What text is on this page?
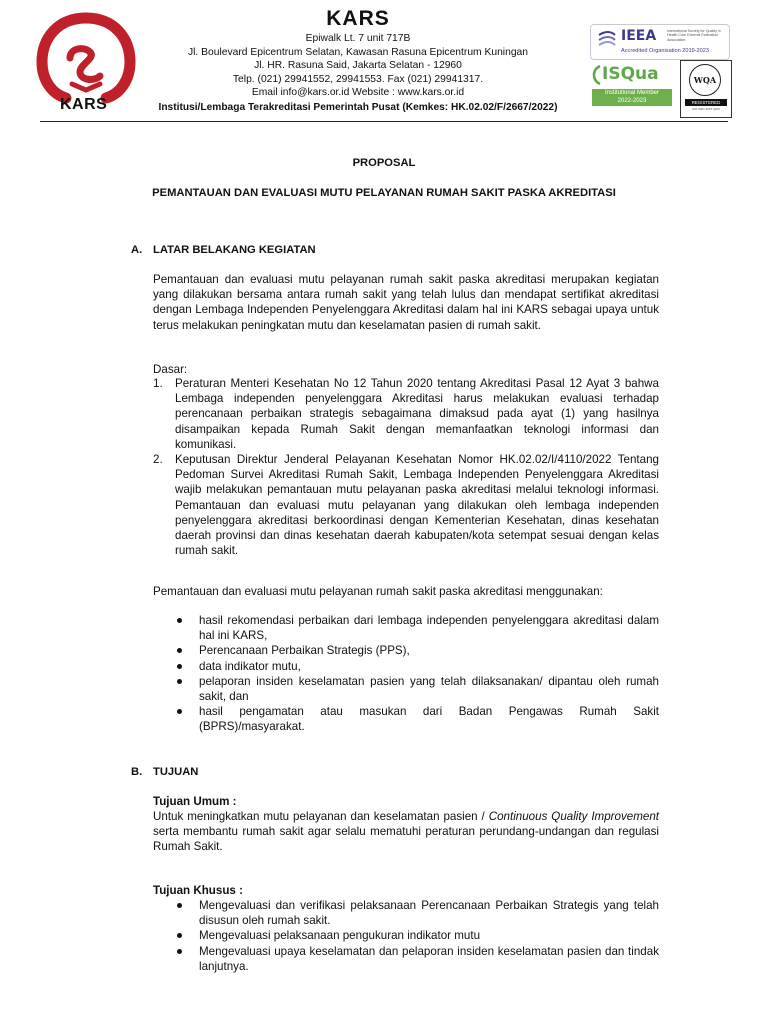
KARS
KARS
Epiwalk Lt. 7 unit 717B
Jl. Boulevard Epicentrum Selatan, Kawasan Rasuna Epicentrum Kuningan
Jl. HR. Rasuna Said, Jakarta Selatan - 12960
Telp. (021) 29941552, 29941553. Fax (021) 29941317.
Email info@kars.or.id Website : www.kars.or.id
Institusi/Lembaga Terakreditasi Pemerintah Pusat (Kemkes: HK.02.02/F/2667/2022)
IEEA	International Society for Quality in Health Care External Evaluation Association
Accredited Organisation 2019-2023
ISQua
Institutional Member
2022-2023
WQA
REGISTERED
ISO 9001:2015 QMS
PROPOSAL
PEMANTAUAN DAN EVALUASI MUTU PELAYANAN RUMAH SAKIT PASKA AKREDITASI
A. LATAR BELAKANG KEGIATAN

Pemantauan dan evaluasi mutu pelayanan rumah sakit paska akreditasi merupakan kegiatan yang dilakukan bersama antara rumah sakit yang telah lulus dan mendapat sertifikat akreditasi dengan Lembaga Independen Penyelenggara Akreditasi dalam hal ini KARS sebagai upaya untuk terus melakukan peningkatan mutu dan keselamatan pasien di rumah sakit.

Dasar:
1. Peraturan Menteri Kesehatan No 12 Tahun 2020 tentang Akreditasi Pasal 12 Ayat 3 bahwa Lembaga independen penyelenggara Akreditasi harus melakukan evaluasi terhadap perencanaan perbaikan strategis sebagaimana dimaksud pada ayat (1) yang hasilnya disampaikan kepada Rumah Sakit dengan memanfaatkan teknologi informasi dan komunikasi.
2. Keputusan Direktur Jenderal Pelayanan Kesehatan Nomor HK.02.02/I/4110/2022 Tentang Pedoman Survei Akreditasi Rumah Sakit, Lembaga Independen Penyelenggara Akreditasi wajib melakukan pemantauan mutu pelayanan paska akreditasi melalui teknologi informasi. Pemantauan dan evaluasi mutu pelayanan yang dilakukan oleh lembaga independen penyelenggara akreditasi berkoordinasi dengan Kementerian Kesehatan, dinas kesehatan daerah provinsi dan dinas kesehatan daerah kabupaten/kota setempat sesuai dengan kelas rumah sakit.

Pemantauan dan evaluasi mutu pelayanan rumah sakit paska akreditasi menggunakan:

hasil rekomendasi perbaikan dari lembaga independen penyelenggara akreditasi dalam hal ini KARS,
Perencanaan Perbaikan Strategis (PPS),
data indikator mutu,
pelaporan insiden keselamatan pasien yang telah dilaksanakan/ dipantau oleh rumah sakit, dan
hasil pengamatan atau masukan dari Badan Pengawas Rumah Sakit (BPRS)/masyarakat.
B. TUJUAN
Tujuan Umum :

Untuk meningkatkan mutu pelayanan dan keselamatan pasien / Continuous Quality Improvement serta membantu rumah sakit agar selalu mematuhi peraturan perundang-undangan dan regulasi Rumah Sakit.

Tujuan Khusus :
Mengevaluasi dan verifikasi pelaksanaan Perencanaan Perbaikan Strategis yang telah disusun oleh rumah sakit.
Mengevaluasi pelaksanaan pengukuran indikator mutu
Mengevaluasi upaya keselamatan dan pelaporan insiden keselamatan pasien dan tindak lanjutnya.
